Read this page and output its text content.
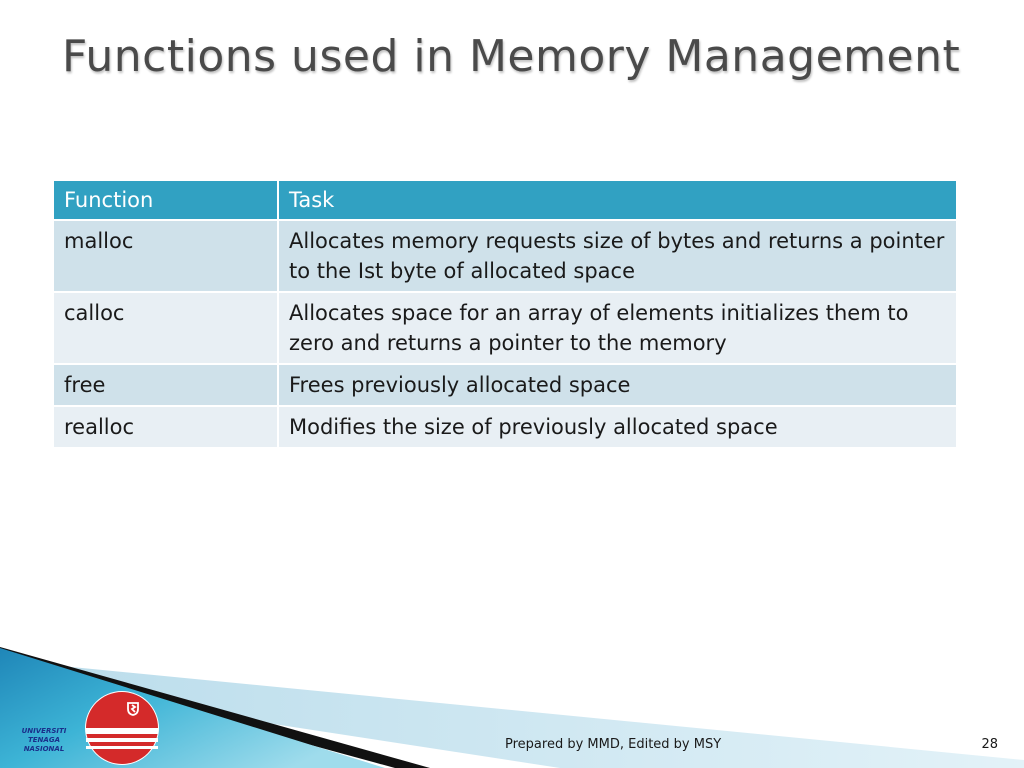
Functions used in Memory Management
Function	Task
malloc	Allocates memory requests size of bytes and returns a pointer to the Ist byte of allocated space
calloc	Allocates space for an array of elements initializes them to zero and returns a pointer to the memory
free	Frees previously allocated space
realloc	Modifies the size of previously allocated space
UNIVERSITI
TENAGA
NASIONAL	Prepared by MMD, Edited by MSY	28
